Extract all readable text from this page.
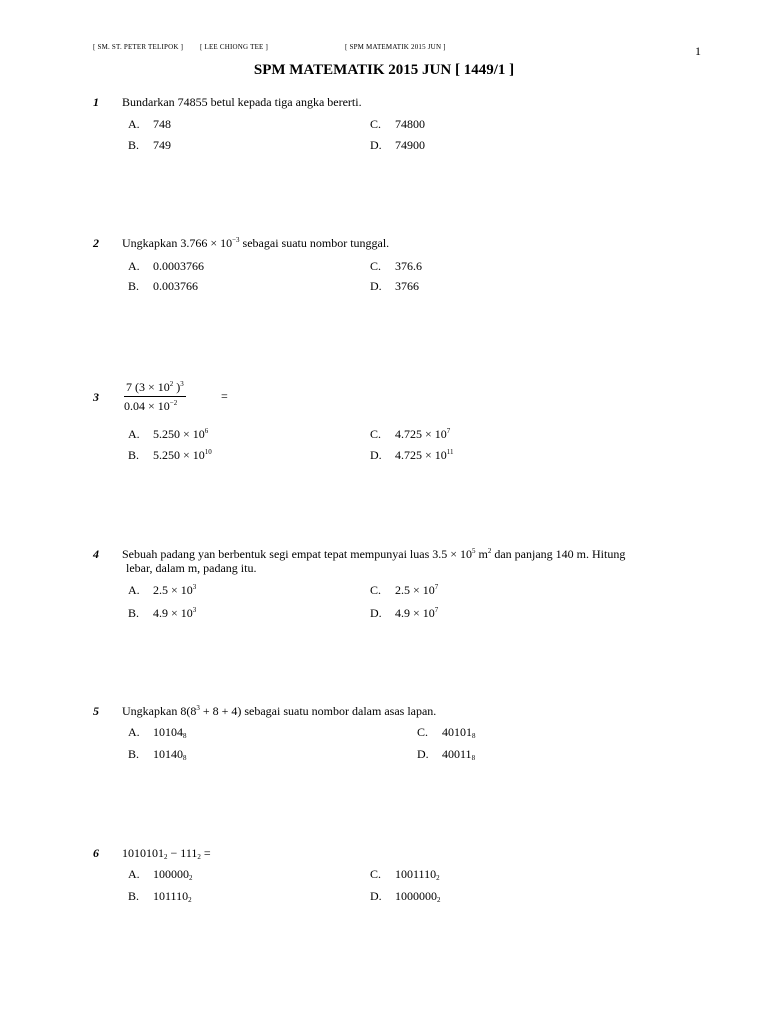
[ SM. ST. PETER TELIPOK ] [ LEE CHIONG TEE ]	[ SPM MATEMATIK 2015 JUN ]	1
SPM MATEMATIK 2015 JUN [ 1449/1 ]
1 Bundarkan 74855 betul kepada tiga angka bererti.
A. 748
B. 749
C. 74800
D. 74900
2 Ungkapkan $3.766 \times 10^{-3}$ sebagai suatu nombor tunggal.
A. 0.0003766
B. 0.003766
C. 376.6
D. 3766
$3 \frac{7 (3 \times 10^2 )^3}{0.04 \times 10^{-2}}$	=
A. $5.250 \times 10^6$
B. $5.250 \times 10^{10}$
C. $4.725 \times 10^7$
D. $4.725 \times 10^{11}$
4 Sebuah padang yan berbentuk segi empat tepat mempunyai luas $3.5 \times 10^5$ $m^2$ dan panjang 140 m. Hitung
lebar, dalam m, padang itu.
A. $2.5 \times 10^3$
B. $4.9 \times 10^3$
C. $2.5 \times 10^7$
D. $4.9 \times 10^7$
5 Ungkapkan $8(8^3 + 8 + 4)$ sebagai suatu nombor dalam asas lapan.
A. $10104_8$
B. $10140_8$
C. $40101_8$
D. $40011_8$
6 $1010101_2 - 111_2$ =
A. $100000_2$
B. $101110_2$
C. $1001110_2$
D. $1000000_2$
